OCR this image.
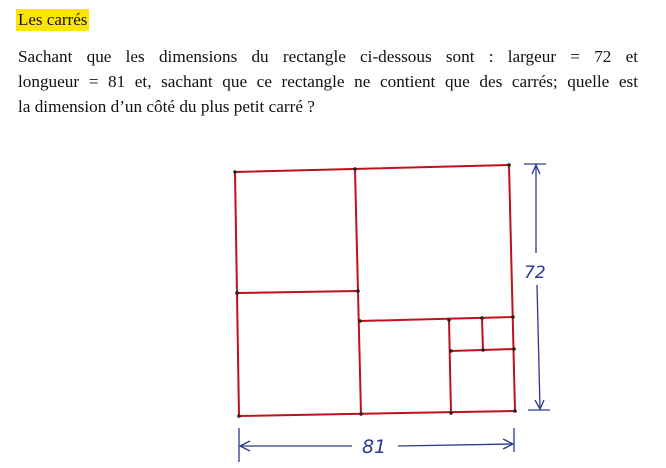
Les carrés
Sachant que les dimensions du rectangle ci-dessous sont : largeur = 72 et
longueur = 81 et, sachant que ce rectangle ne contient que des carrés; quelle est
la dimension d’un côté du plus petit carré ?
72
81
